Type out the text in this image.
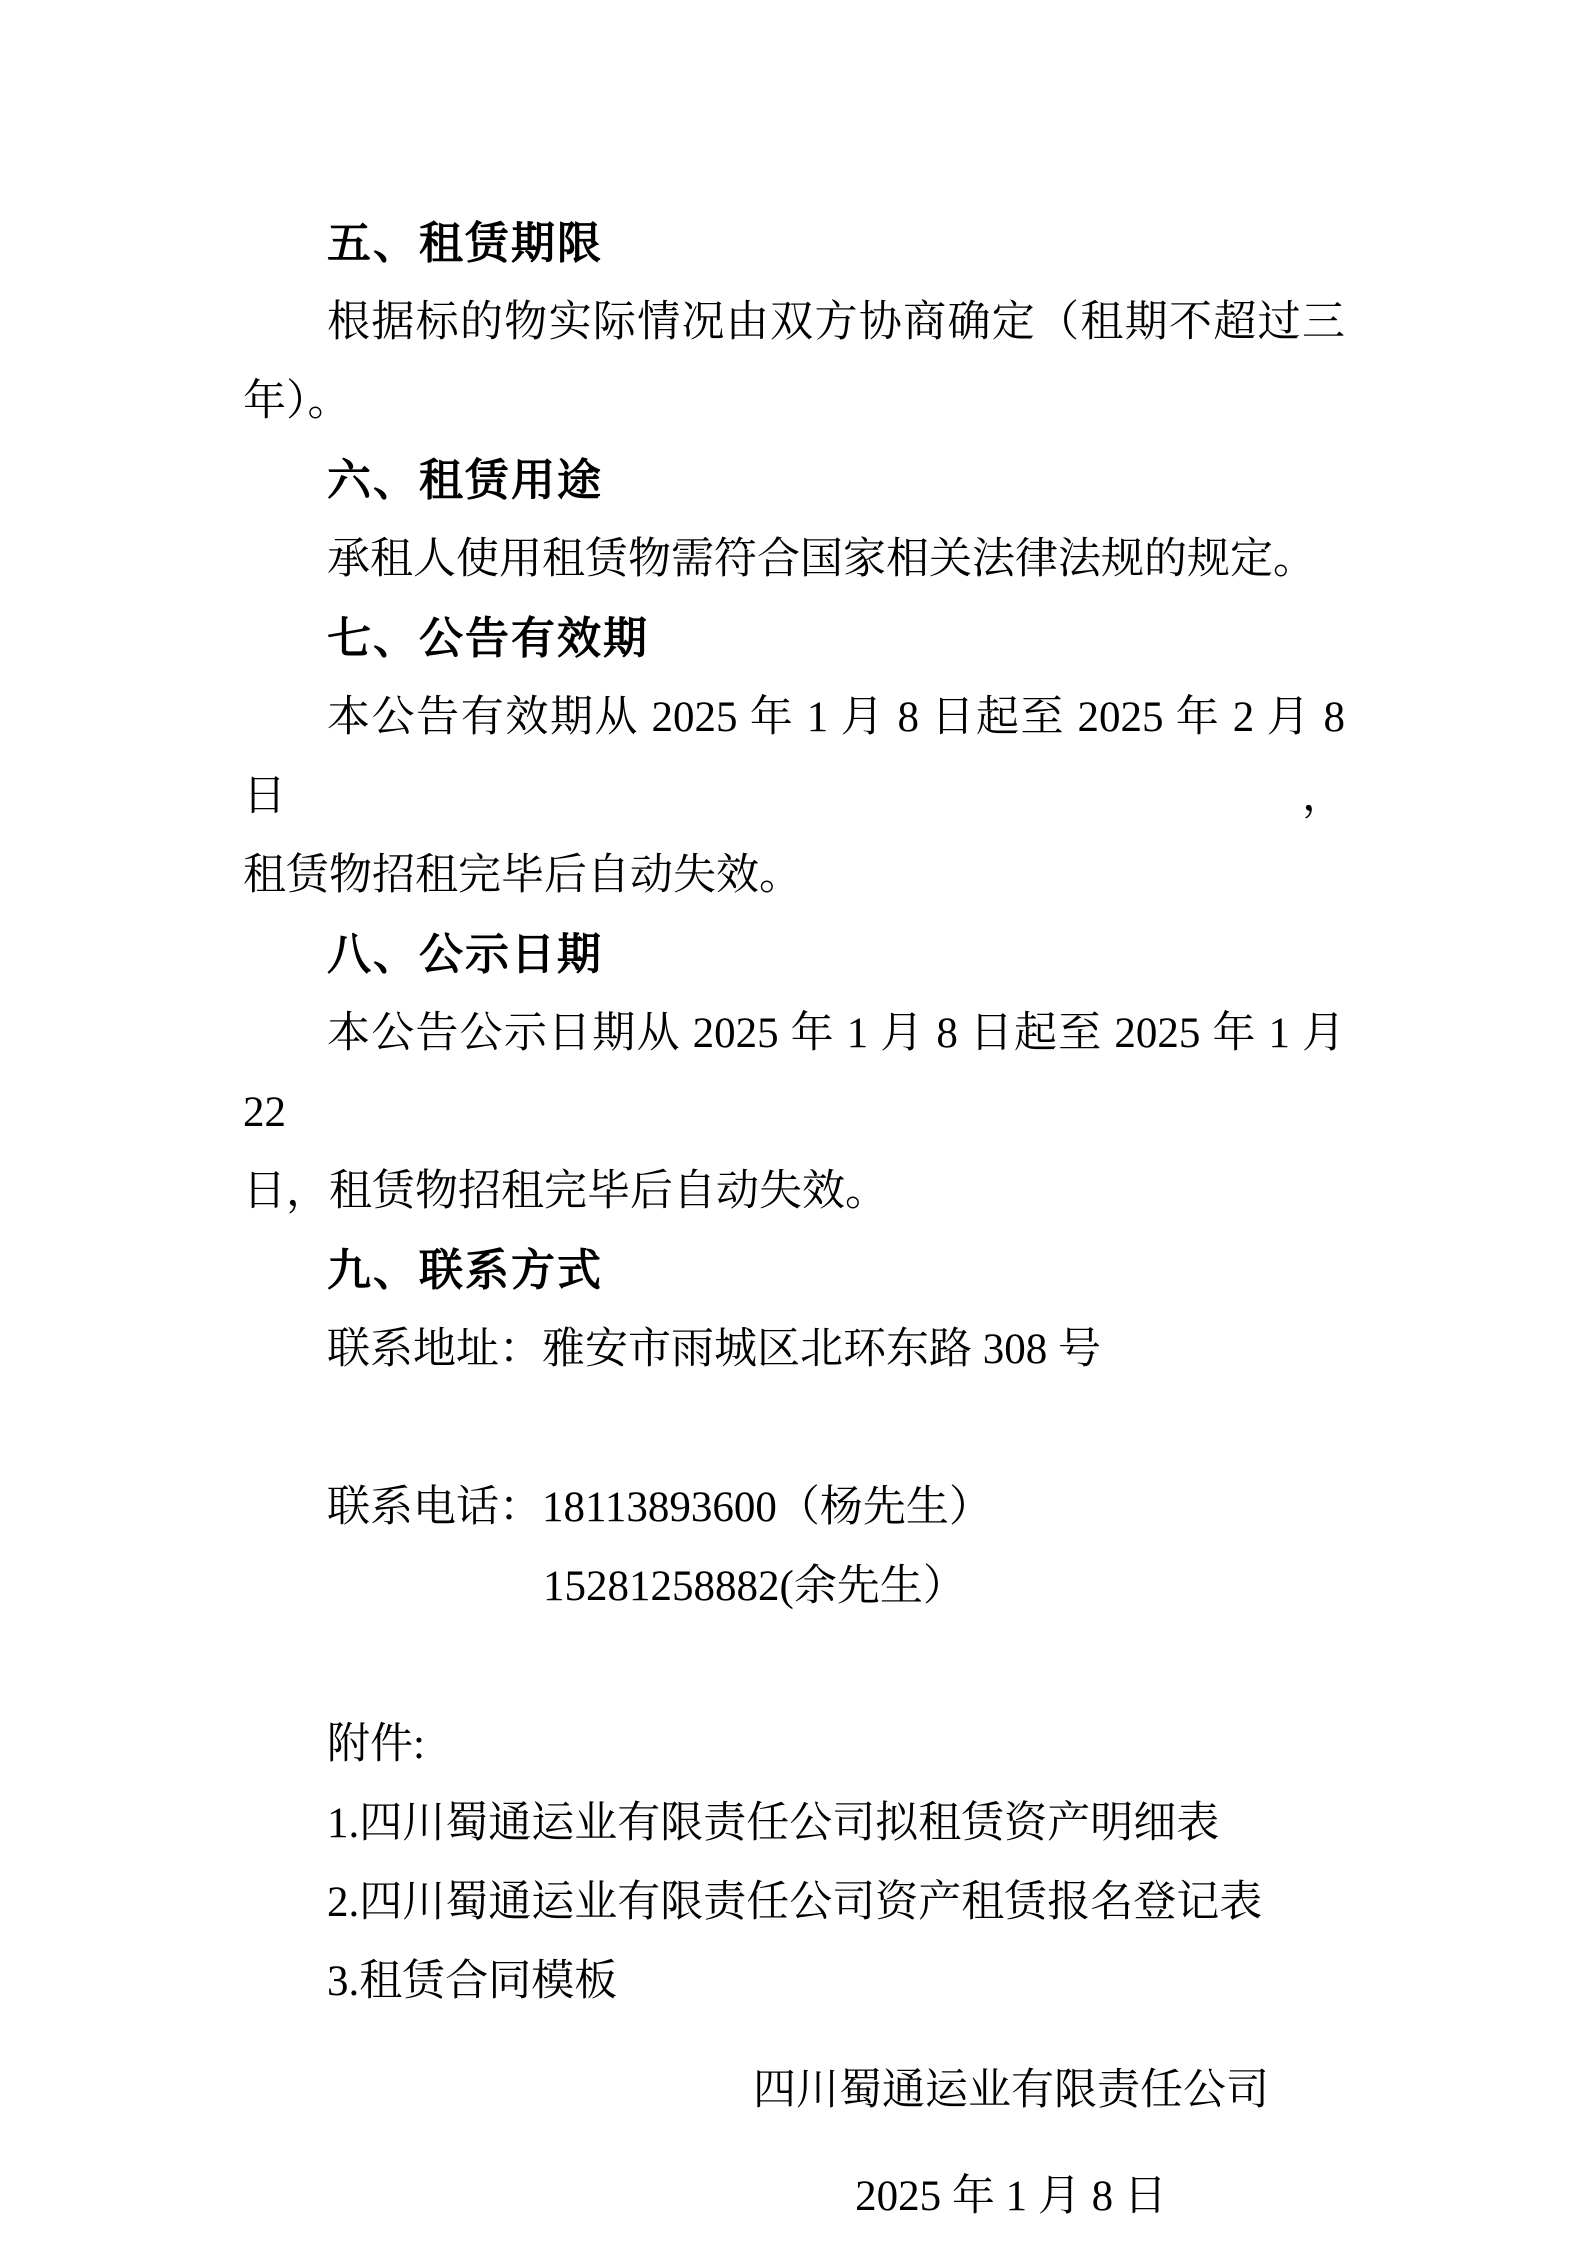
五、租赁期限
根据标的物实际情况由双方协商确定（租期不超过三
年）。
六、租赁用途
承租人使用租赁物需符合国家相关法律法规的规定。
七、公告有效期
本公告有效期从 2025 年 1 月 8 日起至 2025 年 2 月 8 日，
租赁物招租完毕后自动失效。
八、公示日期
本公告公示日期从 2025 年 1 月 8 日起至 2025 年 1 月 22
日，租赁物招租完毕后自动失效。
九、联系方式
联系地址：雅安市雨城区北环东路 308 号
联系电话：18113893600（杨先生）
15281258882(余先生）
附件:
1.四川蜀通运业有限责任公司拟租赁资产明细表
2.四川蜀通运业有限责任公司资产租赁报名登记表
3.租赁合同模板
四川蜀通运业有限责任公司
2025 年 1 月 8 日
